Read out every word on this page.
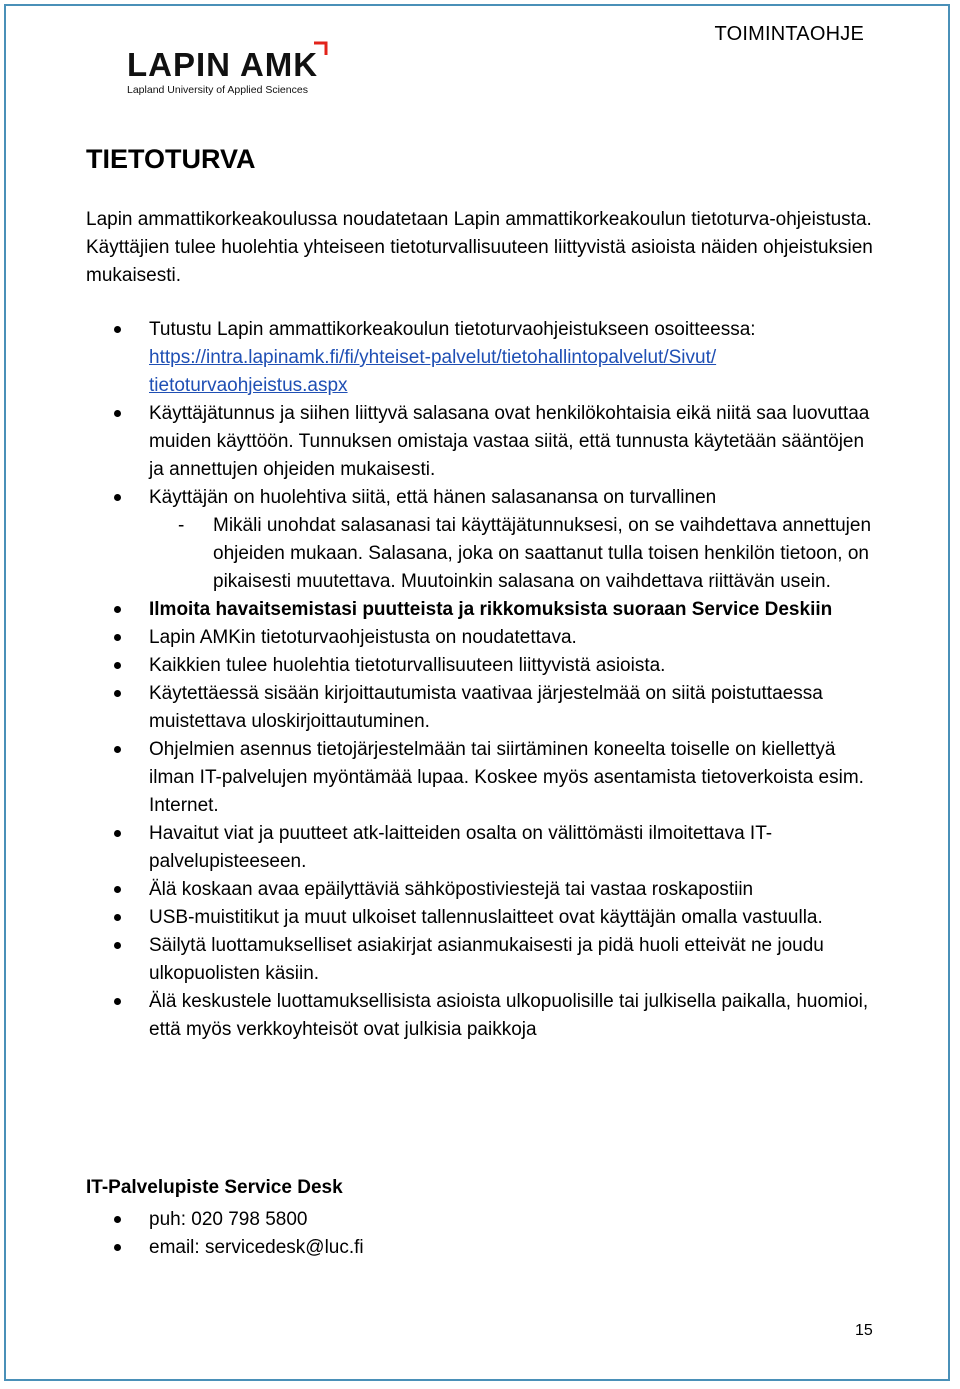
TOIMINTAOHJE
LAPIN AMK
Lapland University of Applied Sciences
TIETOTURVA

Lapin ammattikorkeakoulussa noudatetaan Lapin ammattikorkeakoulun tietoturva-ohjeistusta. Käyttäjien tulee huolehtia yhteiseen tietoturvallisuuteen liittyvistä asioista näiden ohjeistuksien mukaisesti.

Tutustu Lapin ammattikorkeakoulun tietoturvaohjeistukseen osoitteessa:
https://intra.lapinamk.fi/fi/yhteiset-palvelut/tietohallintopalvelut/Sivut/ tietoturvaohjeistus.aspx
Käyttäjätunnus ja siihen liittyvä salasana ovat henkilökohtaisia eikä niitä saa luovuttaa muiden käyttöön. Tunnuksen omistaja vastaa siitä, että tunnusta käytetään sääntöjen ja annettujen ohjeiden mukaisesti.
Käyttäjän on huolehtiva siitä, että hänen salasanansa on turvallinen
- Mikäli unohdat salasanasi tai käyttäjätunnuksesi, on se vaihdettava annettujen ohjeiden mukaan. Salasana, joka on saattanut tulla toisen henkilön tietoon, on pikaisesti muutettava. Muutoinkin salasana on vaihdettava riittävän usein.
Ilmoita havaitsemistasi puutteista ja rikkomuksista suoraan Service Deskiin
Lapin AMKin tietoturvaohjeistusta on noudatettava.
Kaikkien tulee huolehtia tietoturvallisuuteen liittyvistä asioista.
Käytettäessä sisään kirjoittautumista vaativaa järjestelmää on siitä poistuttaessa muistettava uloskirjoittautuminen.
Ohjelmien asennus tietojärjestelmään tai siirtäminen koneelta toiselle on kiellettyä ilman IT-palvelujen myöntämää lupaa. Koskee myös asentamista tietoverkoista esim. Internet.
Havaitut viat ja puutteet atk-laitteiden osalta on välittömästi ilmoitettava IT-palvelupisteeseen.
Älä koskaan avaa epäilyttäviä sähköpostiviestejä tai vastaa roskapostiin
USB-muistitikut ja muut ulkoiset tallennuslaitteet ovat käyttäjän omalla vastuulla.
Säilytä luottamukselliset asiakirjat asianmukaisesti ja pidä huoli etteivät ne joudu ulkopuolisten käsiin.
Älä keskustele luottamuksellisista asioista ulkopuolisille tai julkisella paikalla, huomioi, että myös verkkoyhteisöt ovat julkisia paikkoja
IT-Palvelupiste Service Desk
puh: 020 798 5800
email: servicedesk@luc.fi
15
